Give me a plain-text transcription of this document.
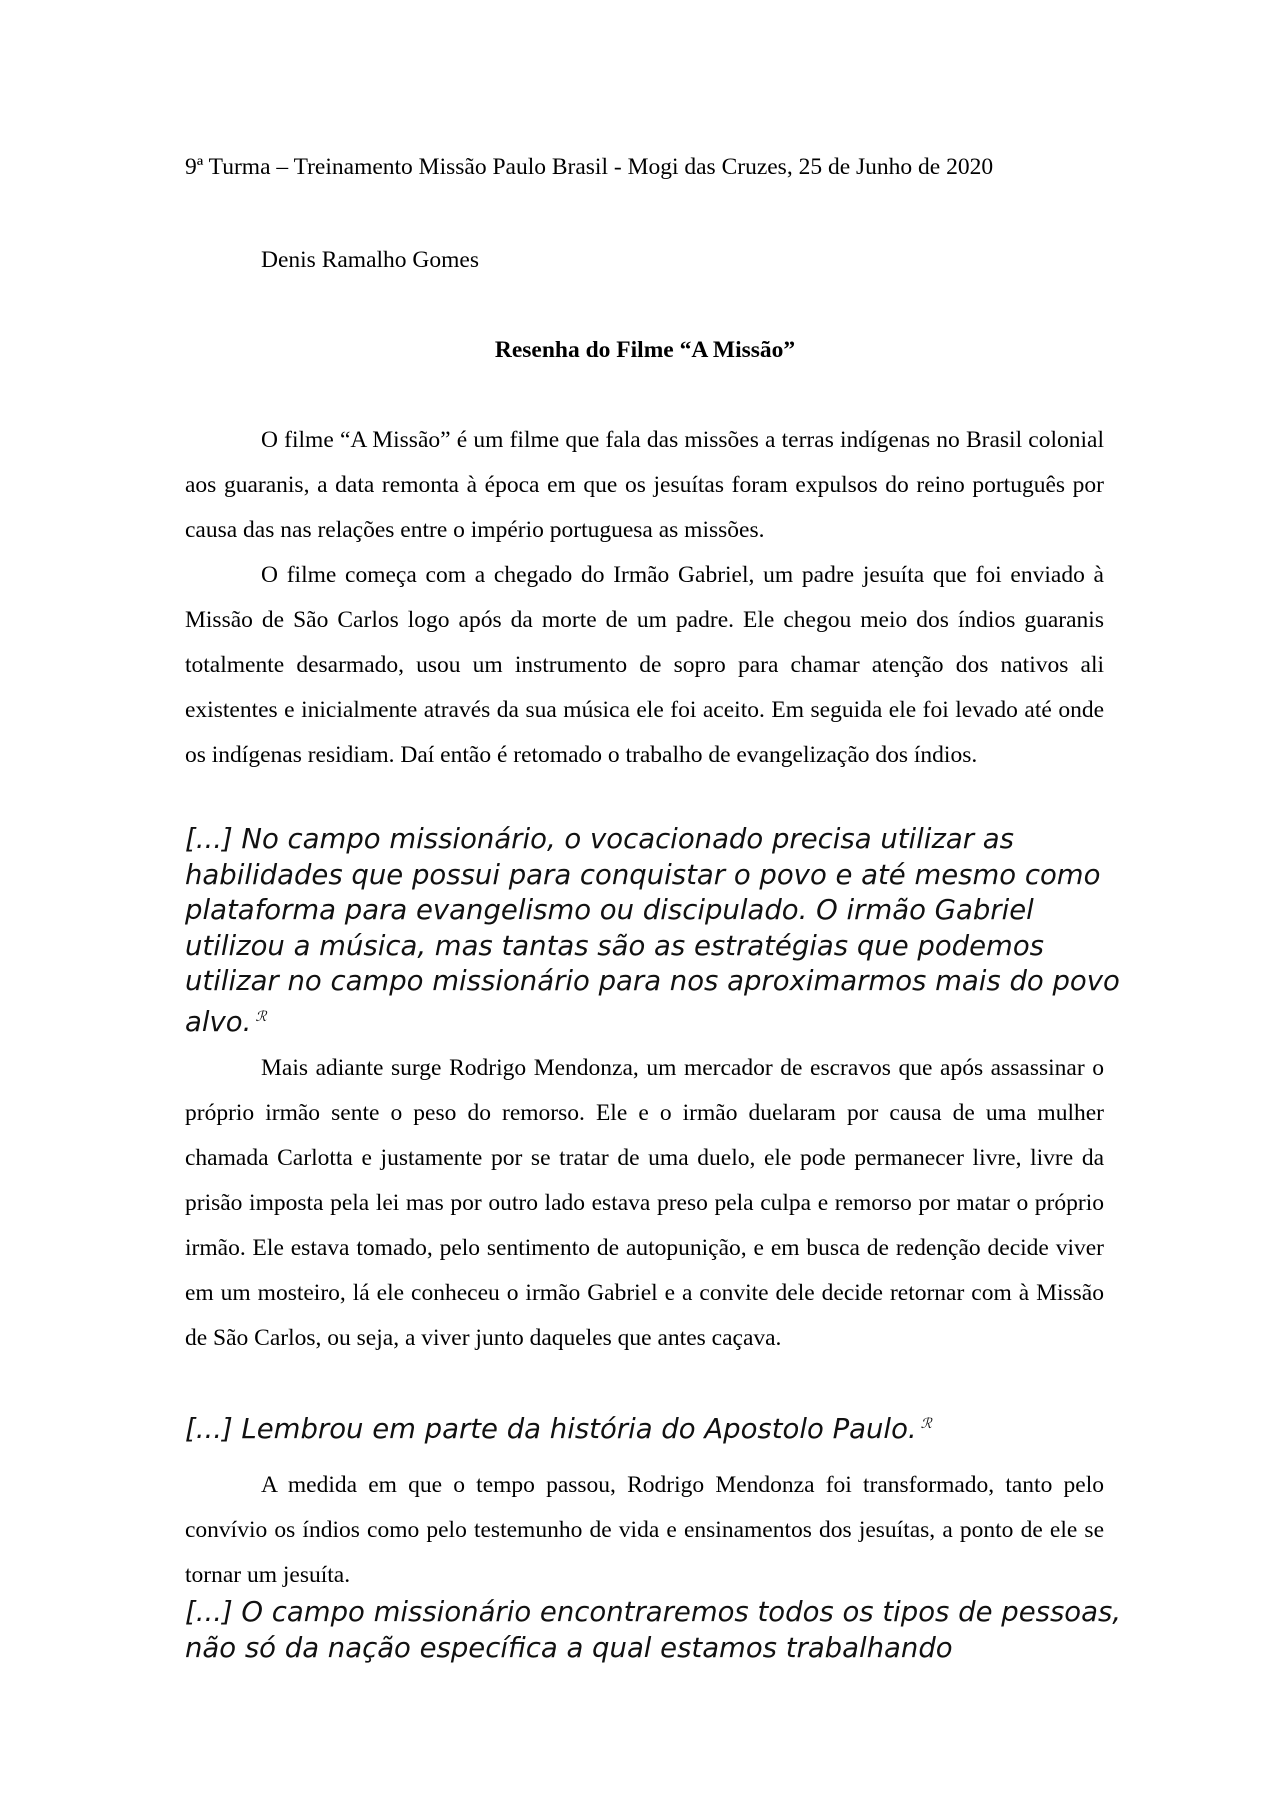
9ª Turma – Treinamento Missão Paulo Brasil - Mogi das Cruzes, 25 de Junho de 2020
Denis Ramalho Gomes
Resenha do Filme “A Missão”

O filme “A Missão” é um filme que fala das missões a terras indígenas no Brasil colonial aos guaranis, a data remonta à época em que os jesuítas foram expulsos do reino português por causa das nas relações entre o império portuguesa as missões.

O filme começa com a chegado do Irmão Gabriel, um padre jesuíta que foi enviado à Missão de São Carlos logo após da morte de um padre. Ele chegou meio dos índios guaranis totalmente desarmado, usou um instrumento de sopro para chamar atenção dos nativos ali existentes e inicialmente através da sua música ele foi aceito. Em seguida ele foi levado até onde os indígenas residiam. Daí então é retomado o trabalho de evangelização dos índios.

[...] No campo missionário, o vocacionado precisa utilizar as habilidades que possui para conquistar o povo e até mesmo como plataforma para evangelismo ou discipulado. O irmão Gabriel utilizou a música, mas tantas são as estratégias que podemos utilizar no campo missionário para nos aproximarmos mais do povo alvo. $^ℛ$

Mais adiante surge Rodrigo Mendonza, um mercador de escravos que após assassinar o próprio irmão sente o peso do remorso. Ele e o irmão duelaram por causa de uma mulher chamada Carlotta e justamente por se tratar de uma duelo, ele pode permanecer livre, livre da prisão imposta pela lei mas por outro lado estava preso pela culpa e remorso por matar o próprio irmão. Ele estava tomado, pelo sentimento de autopunição, e em busca de redenção decide viver em um mosteiro, lá ele conheceu o irmão Gabriel e a convite dele decide retornar com à Missão de São Carlos, ou seja, a viver junto daqueles que antes caçava.

[...] Lembrou em parte da história do Apostolo Paulo. $^ℛ$

A medida em que o tempo passou, Rodrigo Mendonza foi transformado, tanto pelo convívio os índios como pelo testemunho de vida e ensinamentos dos jesuítas, a ponto de ele se tornar um jesuíta.

[...] O campo missionário encontraremos todos os tipos de pessoas, não só da nação específica a qual estamos trabalhando
